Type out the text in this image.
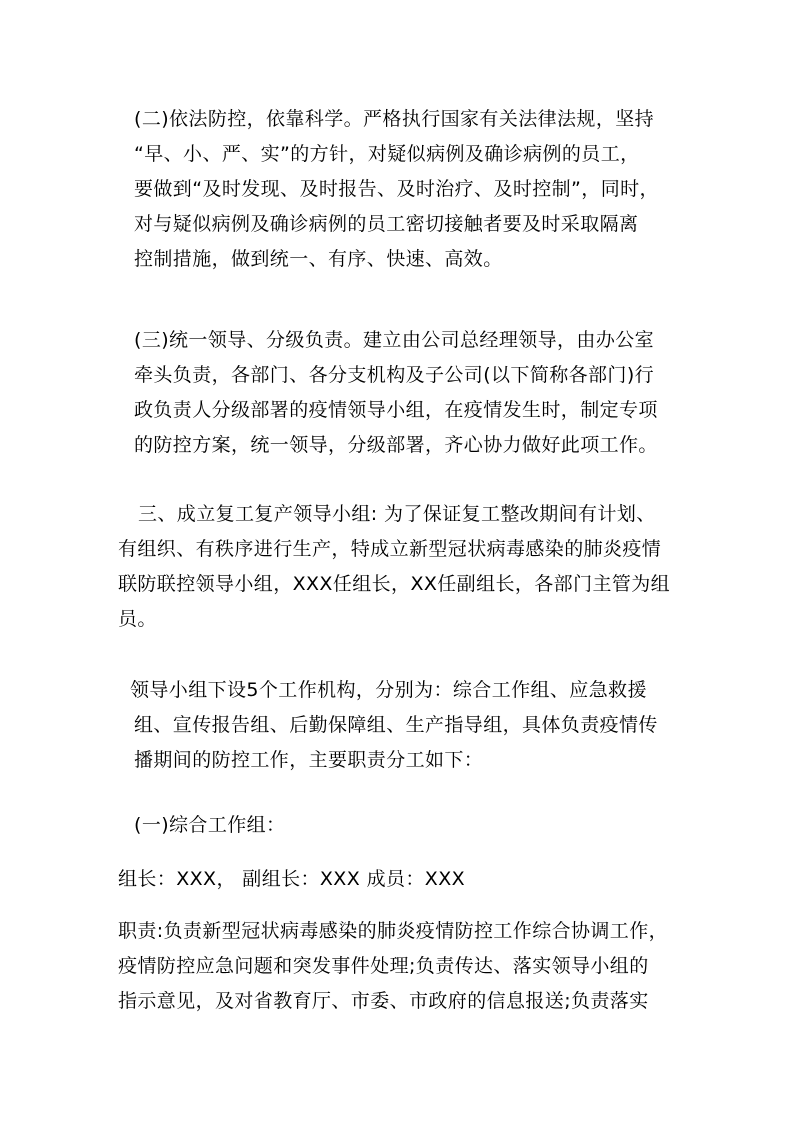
(二)依法防控，依靠科学。严格执行国家有关法律法规，坚持
“早、小、严、实”的方针，对疑似病例及确诊病例的员工，
要做到“及时发现、及时报告、及时治疗、及时控制”，同时，
对与疑似病例及确诊病例的员工密切接触者要及时采取隔离
控制措施，做到统一、有序、快速、高效。
(三)统一领导、分级负责。建立由公司总经理领导，由办公室
牵头负责，各部门、各分支机构及子公司(以下简称各部门)行
政负责人分级部署的疫情领导小组，在疫情发生时，制定专项
的防控方案，统一领导，分级部署，齐心协力做好此项工作。
三、成立复工复产领导小组: 为了保证复工整改期间有计划、
有组织、有秩序进行生产，特成立新型冠状病毒感染的肺炎疫情
联防联控领导小组，XXX任组长，XX任副组长，各部门主管为组
员。
领导小组下设5个工作机构，分别为：综合工作组、应急救援
组、宣传报告组、后勤保障组、生产指导组，具体负责疫情传
播期间的防控工作，主要职责分工如下：
(一)综合工作组：
组长：XXX， 副组长：XXX 成员：XXX
职责:负责新型冠状病毒感染的肺炎疫情防控工作综合协调工作，
疫情防控应急问题和突发事件处理;负责传达、落实领导小组的
指示意见，及对省教育厅、市委、市政府的信息报送;负责落实
